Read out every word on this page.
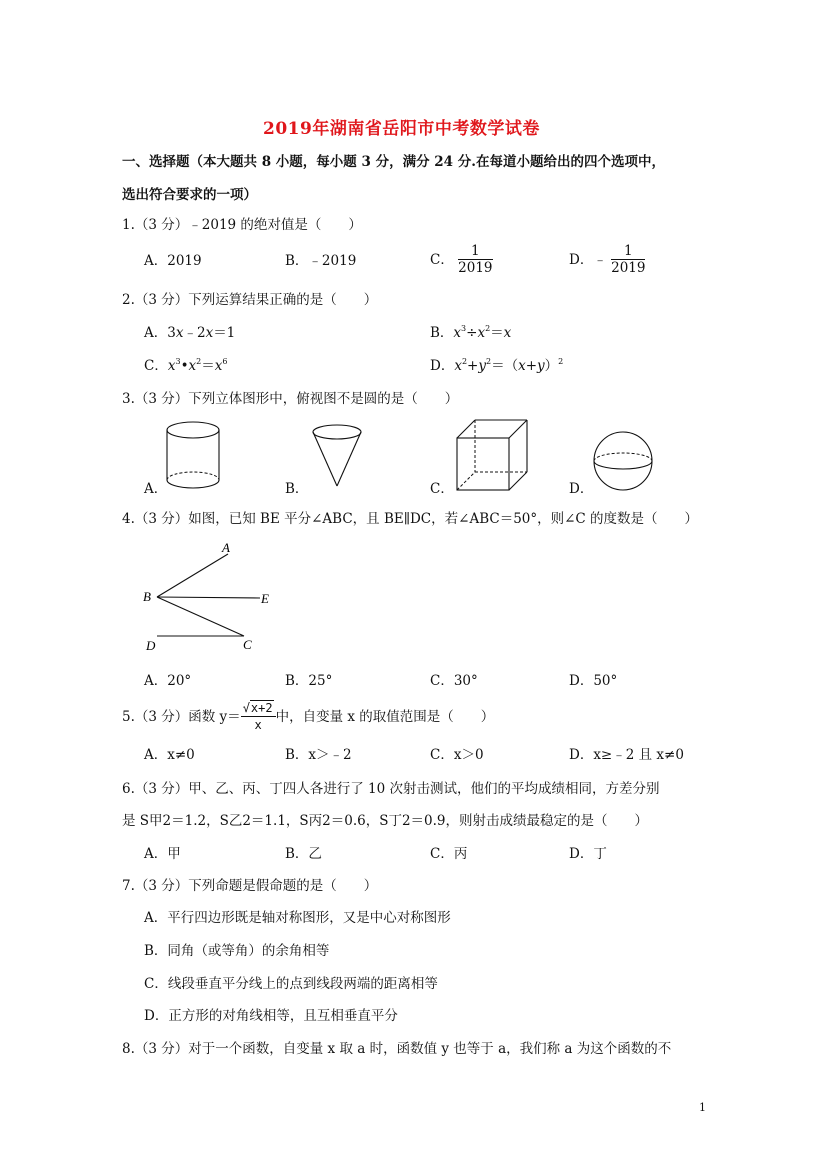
2019年湖南省岳阳市中考数学试卷
一、选择题（本大题共 8 小题，每小题 3 分，满分 24 分.在每道小题给出的四个选项中，
选出符合要求的一项）
1.（3 分）﹣2019 的绝对值是（　　）
A．2019	B．﹣2019	C． $\frac{1}{2019}$	D．﹣ $\frac{1}{2019}$
2.（3 分）下列运算结果正确的是（　　）
A．3x﹣2x＝1	B．$x^3\div x^2=x$
C．$x^3•x^2=x^6$	D．$x^2+y^2=(x+y)^2$
3.（3 分）下列立体图形中，俯视图不是圆的是（　　）
A．	B．	C．	D．
4.（3 分）如图，已知 BE 平分∠ABC，且 BE∥DC，若∠ABC＝50°，则∠C 的度数是（　　）
A
B	E
D	C
A．20°	B．25°	C．30°	D．50°
5.（3 分）函数 $y= \frac{√x+2}{x}$ 中，自变量 x 的取值范围是（　　）
A．x≠0	B．x＞﹣2	C．x＞0	D．x≥﹣2 且 x≠0
6.（3 分）甲、乙、丙、丁四人各进行了 10 次射击测试，他们的平均成绩相同，方差分别
是 S甲2＝1.2，S乙2＝1.1，S丙2＝0.6，S丁2＝0.9，则射击成绩最稳定的是（　　）
A．甲	B．乙	C．丙	D．丁
7.（3 分）下列命题是假命题的是（　　）
A．平行四边形既是轴对称图形，又是中心对称图形
B．同角（或等角）的余角相等
C．线段垂直平分线上的点到线段两端的距离相等
D．正方形的对角线相等，且互相垂直平分
8.（3 分）对于一个函数，自变量 x 取 a 时，函数值 y 也等于 a，我们称 a 为这个函数的不
1
